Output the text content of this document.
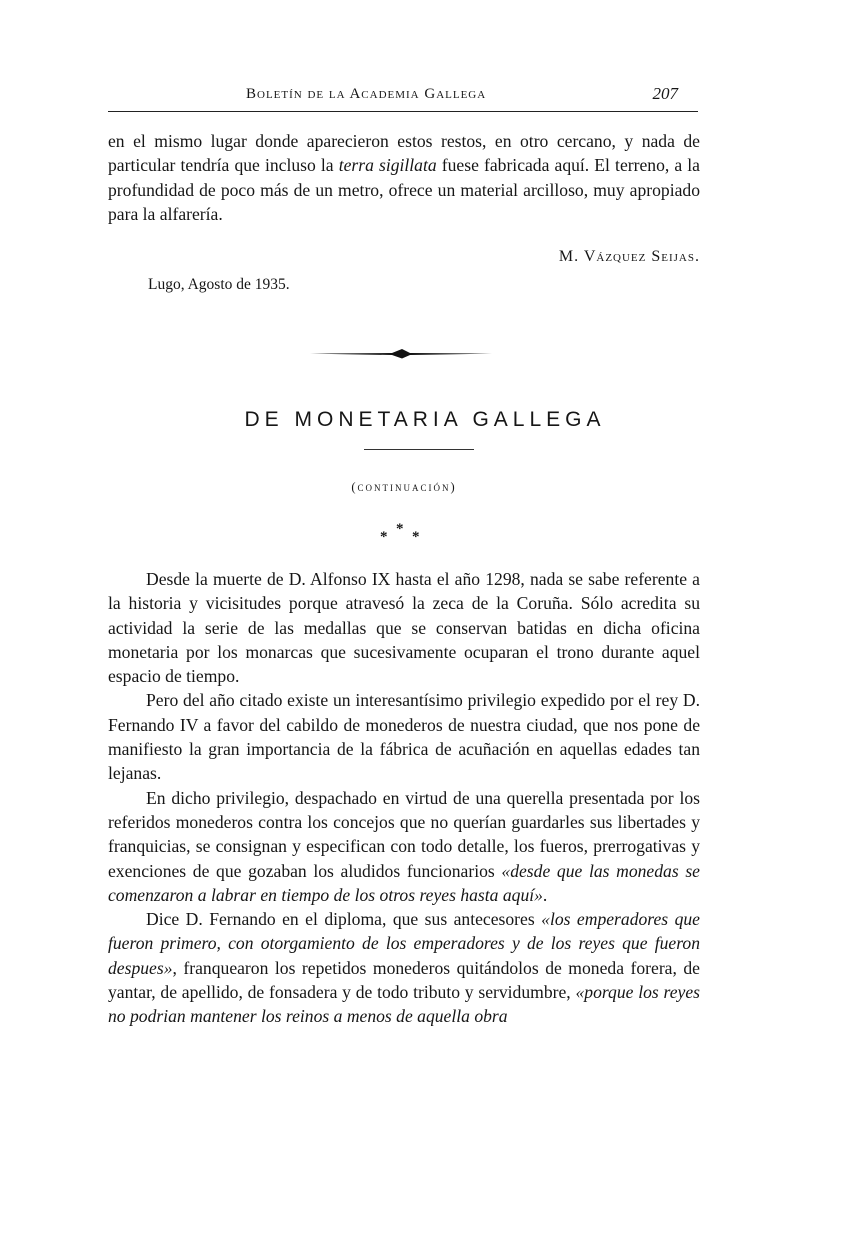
Boletín de la Academia Gallega	207

en el mismo lugar donde aparecieron estos restos, en otro cercano, y nada de particular tendría que incluso la terra sigillata fuese fabricada aquí. El terreno, a la profundidad de poco más de un metro, ofrece un material arcilloso, muy apropiado para la alfarería.

M. Vázquez Seijas.
Lugo, Agosto de 1935.
DE MONETARIA GALLEGA
(continuación)
* * *

Desde la muerte de D. Alfonso IX hasta el año 1298, nada se sabe referente a la historia y vicisitudes porque atravesó la zeca de la Coruña. Sólo acredita su actividad la serie de las medallas que se conservan batidas en dicha oficina monetaria por los monarcas que sucesivamente ocuparan el trono durante aquel espacio de tiempo.

Pero del año citado existe un interesantísimo privilegio expedido por el rey D. Fernando IV a favor del cabildo de monederos de nuestra ciudad, que nos pone de manifiesto la gran importancia de la fábrica de acuñación en aquellas edades tan lejanas.

En dicho privilegio, despachado en virtud de una querella presentada por los referidos monederos contra los concejos que no querían guardarles sus libertades y franquicias, se consignan y especifican con todo detalle, los fueros, prerrogativas y exenciones de que gozaban los aludidos funcionarios «desde que las monedas se comenzaron a labrar en tiempo de los otros reyes hasta aquí».

Dice D. Fernando en el diploma, que sus antecesores «los emperadores que fueron primero, con otorgamiento de los emperadores y de los reyes que fueron despues», franquearon los repetidos monederos quitándolos de moneda forera, de yantar, de apellido, de fonsadera y de todo tributo y servidumbre, «porque los reyes no podrian mantener los reinos a menos de aquella obra
